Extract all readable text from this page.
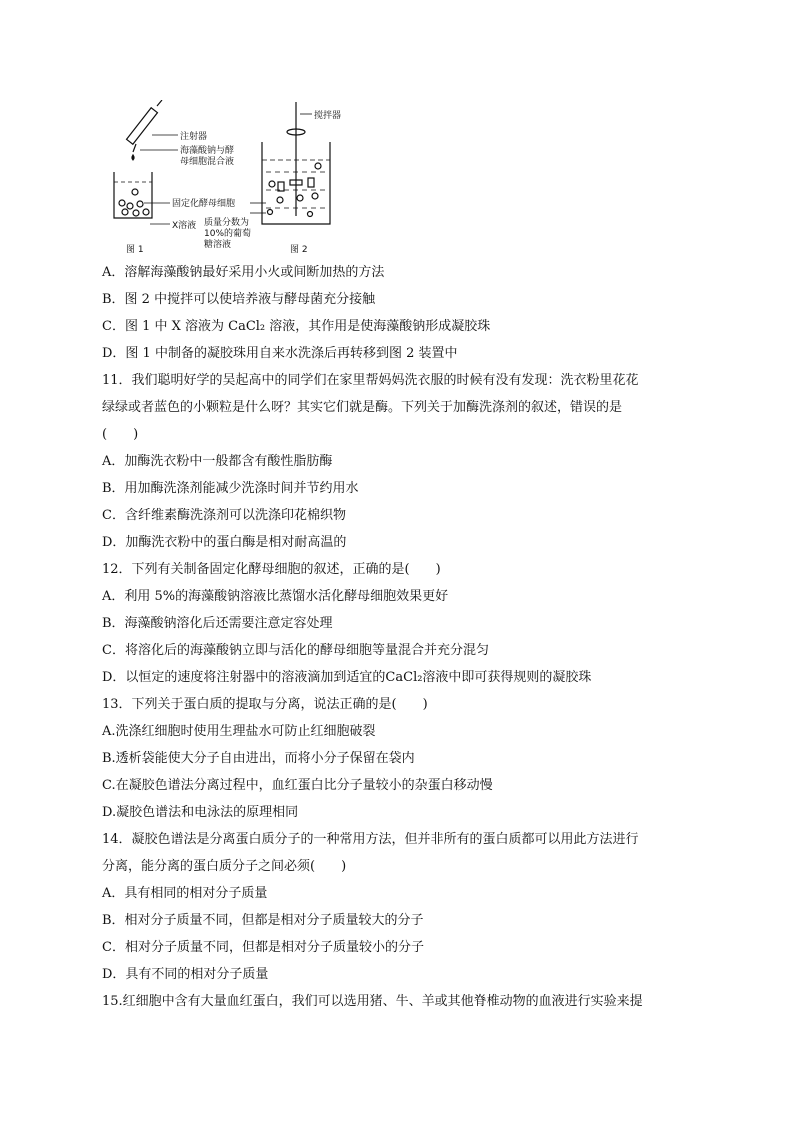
注射器
海藻酸钠与酵
母细胞混合液
固定化酵母细胞
X溶液
图 1
搅拌器
质量分数为
10%的葡萄
糖溶液	图 2
A．溶解海藻酸钠最好采用小火或间断加热的方法
B．图 2 中搅拌可以使培养液与酵母菌充分接触
C．图 1 中 X 溶液为 CaCl₂ 溶液，其作用是使海藻酸钠形成凝胶珠
D．图 1 中制备的凝胶珠用自来水洗涤后再转移到图 2 装置中
11．我们聪明好学的吴起高中的同学们在家里帮妈妈洗衣服的时候有没有发现：洗衣粉里花花
绿绿或者蓝色的小颗粒是什么呀？其实它们就是酶。下列关于加酶洗涤剂的叙述，错误的是
(　　)
A．加酶洗衣粉中一般都含有酸性脂肪酶
B．用加酶洗涤剂能减少洗涤时间并节约用水
C．含纤维素酶洗涤剂可以洗涤印花棉织物
D．加酶洗衣粉中的蛋白酶是相对耐高温的
12．下列有关制备固定化酵母细胞的叙述，正确的是(　　)
A．利用 5%的海藻酸钠溶液比蒸馏水活化酵母细胞效果更好
B．海藻酸钠溶化后还需要注意定容处理
C．将溶化后的海藻酸钠立即与活化的酵母细胞等量混合并充分混匀
D．以恒定的速度将注射器中的溶液滴加到适宜的CaCl₂溶液中即可获得规则的凝胶珠
13．下列关于蛋白质的提取与分离，说法正确的是(　　)
A.洗涤红细胞时使用生理盐水可防止红细胞破裂
B.透析袋能使大分子自由进出，而将小分子保留在袋内
C.在凝胶色谱法分离过程中，血红蛋白比分子量较小的杂蛋白移动慢
D.凝胶色谱法和电泳法的原理相同
14．凝胶色谱法是分离蛋白质分子的一种常用方法，但并非所有的蛋白质都可以用此方法进行
分离，能分离的蛋白质分子之间必须(　　)
A．具有相同的相对分子质量
B．相对分子质量不同，但都是相对分子质量较大的分子
C．相对分子质量不同，但都是相对分子质量较小的分子
D．具有不同的相对分子质量
15.红细胞中含有大量血红蛋白，我们可以选用猪、牛、羊或其他脊椎动物的血液进行实验来提
